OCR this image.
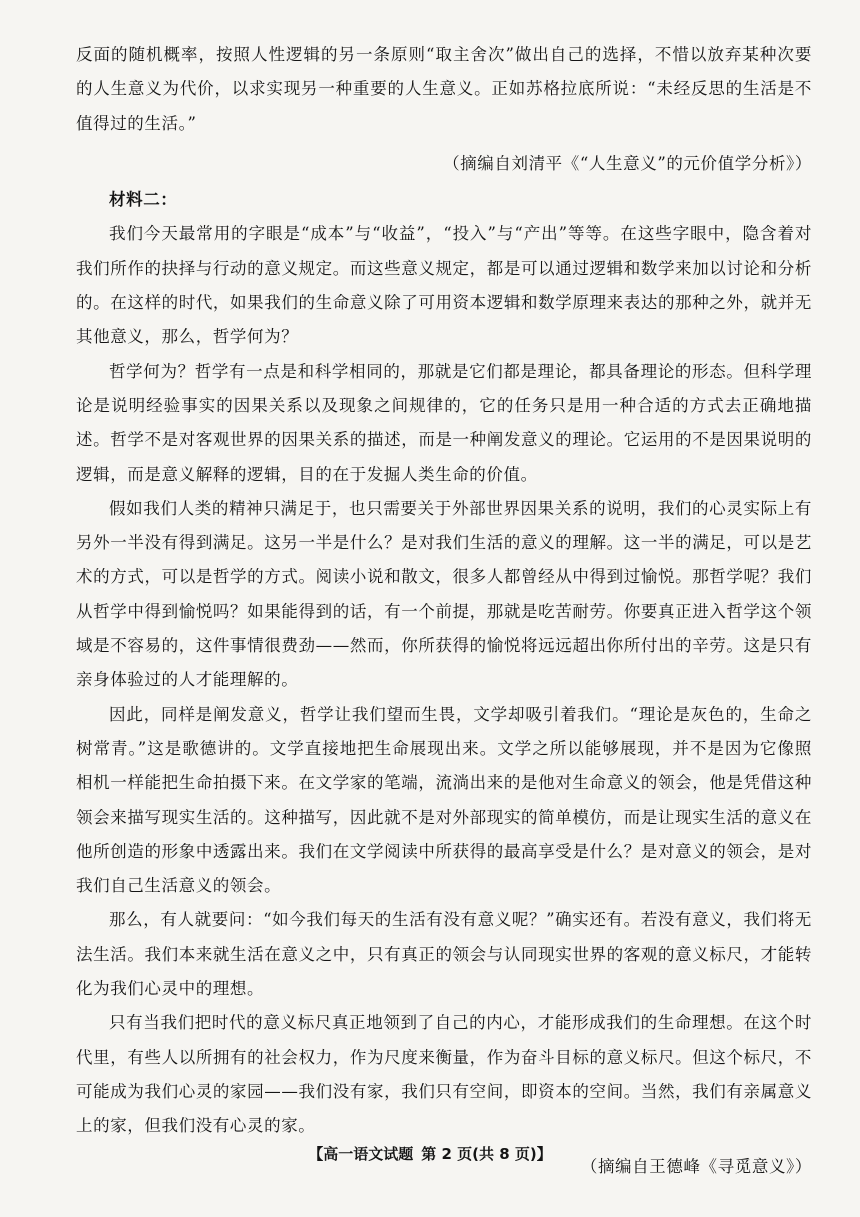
反面的随机概率，按照人性逻辑的另一条原则“取主舍次”做出自己的选择，不惜以放弃某种次要的人生意义为代价，以求实现另一种重要的人生意义。正如苏格拉底所说：“未经反思的生活是不值得过的生活。”

（摘编自刘清平《“人生意义”的元价值学分析》）

材料二：

我们今天最常用的字眼是“成本”与“收益”，“投入”与“产出”等等。在这些字眼中，隐含着对我们所作的抉择与行动的意义规定。而这些意义规定，都是可以通过逻辑和数学来加以讨论和分析的。在这样的时代，如果我们的生命意义除了可用资本逻辑和数学原理来表达的那种之外，就并无其他意义，那么，哲学何为？

哲学何为？哲学有一点是和科学相同的，那就是它们都是理论，都具备理论的形态。但科学理论是说明经验事实的因果关系以及现象之间规律的，它的任务只是用一种合适的方式去正确地描述。哲学不是对客观世界的因果关系的描述，而是一种阐发意义的理论。它运用的不是因果说明的逻辑，而是意义解释的逻辑，目的在于发掘人类生命的价值。

假如我们人类的精神只满足于，也只需要关于外部世界因果关系的说明，我们的心灵实际上有另外一半没有得到满足。这另一半是什么？是对我们生活的意义的理解。这一半的满足，可以是艺术的方式，可以是哲学的方式。阅读小说和散文，很多人都曾经从中得到过愉悦。那哲学呢？我们从哲学中得到愉悦吗？如果能得到的话，有一个前提，那就是吃苦耐劳。你要真正进入哲学这个领域是不容易的，这件事情很费劲——然而，你所获得的愉悦将远远超出你所付出的辛劳。这是只有亲身体验过的人才能理解的。

因此，同样是阐发意义，哲学让我们望而生畏，文学却吸引着我们。“理论是灰色的，生命之树常青。”这是歌德讲的。文学直接地把生命展现出来。文学之所以能够展现，并不是因为它像照相机一样能把生命拍摄下来。在文学家的笔端，流淌出来的是他对生命意义的领会，他是凭借这种领会来描写现实生活的。这种描写，因此就不是对外部现实的简单模仿，而是让现实生活的意义在他所创造的形象中透露出来。我们在文学阅读中所获得的最高享受是什么？是对意义的领会，是对我们自己生活意义的领会。

那么，有人就要问：“如今我们每天的生活有没有意义呢？”确实还有。若没有意义，我们将无法生活。我们本来就生活在意义之中，只有真正的领会与认同现实世界的客观的意义标尺，才能转化为我们心灵中的理想。

只有当我们把时代的意义标尺真正地领到了自己的内心，才能形成我们的生命理想。在这个时代里，有些人以所拥有的社会权力，作为尺度来衡量，作为奋斗目标的意义标尺。但这个标尺，不可能成为我们心灵的家园——我们没有家，我们只有空间，即资本的空间。当然，我们有亲属意义上的家，但我们没有心灵的家。

（摘编自王德峰《寻觅意义》）

【高一语文试题 第 2 页(共 8 页)】
